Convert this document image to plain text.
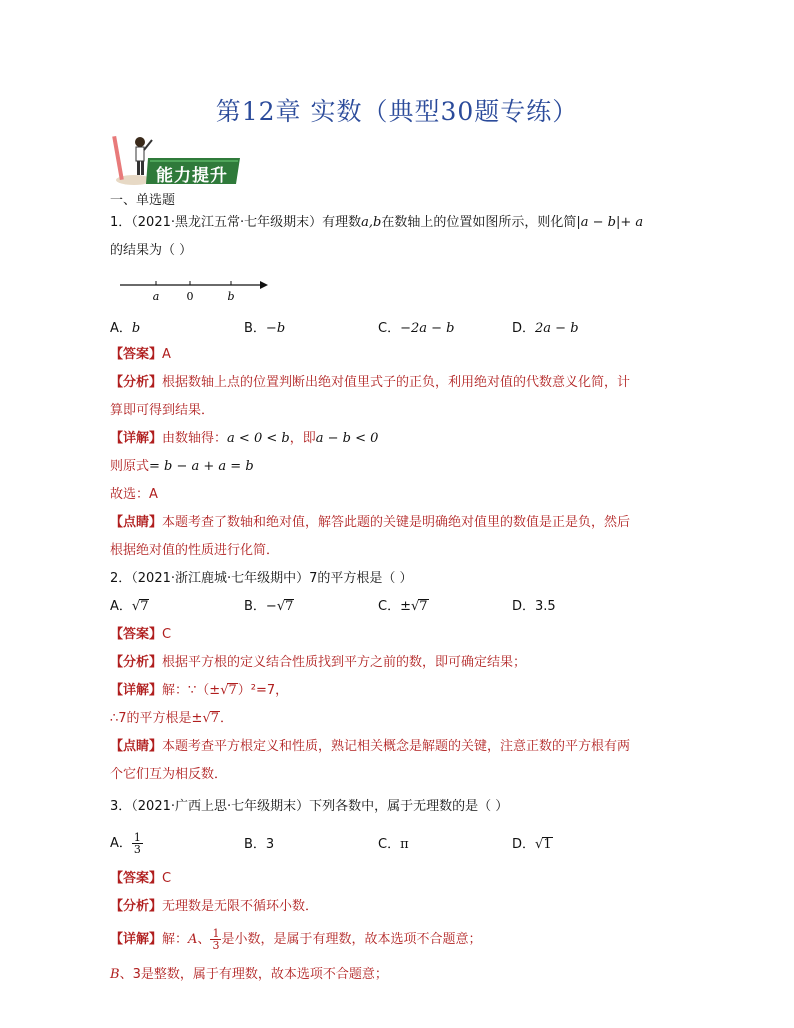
第12章 实数（典型30题专练）
能力提升
一、单选题
1．（2021·黑龙江五常·七年级期末）有理数a,b在数轴上的位置如图所示，则化简|a − b|+ a
的结果为（ ）
a 0	b
A．b	B．−b	C．−2a − b	D．2a − b
【答案】A
【分析】根据数轴上点的位置判断出绝对值里式子的正负，利用绝对值的代数意义化简，计
算即可得到结果．
【详解】由数轴得：a < 0 < b，即a − b < 0
则原式= b − a + a = b
故选：A
【点睛】本题考查了数轴和绝对值，解答此题的关键是明确绝对值里的数值是正是负，然后
根据绝对值的性质进行化简．
2．（2021·浙江鹿城·七年级期中）7的平方根是（ ）
A．√7	B．−√7	C．±√7	D．3.5
【答案】C
【分析】根据平方根的定义结合性质找到平方之前的数，即可确定结果；
【详解】解：∵（±√7）²=7，
∴7的平方根是±√7．
【点睛】本题考查平方根定义和性质，熟记相关概念是解题的关键，注意正数的平方根有两
个它们互为相反数．
3．（2021·广西上思·七年级期末）下列各数中，属于无理数的是（ ）
A． $\frac{1}{3}$	B．3	C．π	D．√1
【答案】C
【分析】无理数是无限不循环小数．
【详解】解：A、 $\frac{1}{3}$ 是小数，是属于有理数，故本选项不合题意；
B、3是整数，属于有理数，故本选项不合题意；
